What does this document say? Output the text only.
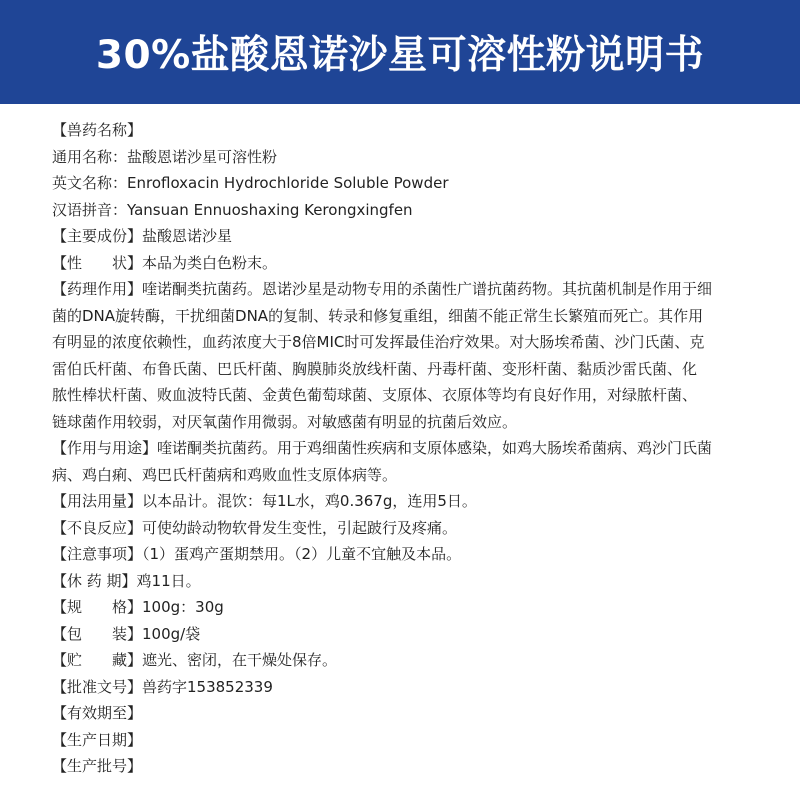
30%盐酸恩诺沙星可溶性粉说明书
【兽药名称】
通用名称：盐酸恩诺沙星可溶性粉
英文名称：Enrofloxacin Hydrochloride Soluble Powder
汉语拼音：Yansuan Ennuoshaxing Kerongxingfen
【主要成份】盐酸恩诺沙星
【性　　状】本品为类白色粉末。
【药理作用】喹诺酮类抗菌药。恩诺沙星是动物专用的杀菌性广谱抗菌药物。其抗菌机制是作用于细
菌的DNA旋转酶，干扰细菌DNA的复制、转录和修复重组，细菌不能正常生长繁殖而死亡。其作用
有明显的浓度依赖性，血药浓度大于8倍MIC时可发挥最佳治疗效果。对大肠埃希菌、沙门氏菌、克
雷伯氏杆菌、布鲁氏菌、巴氏杆菌、胸膜肺炎放线杆菌、丹毒杆菌、变形杆菌、黏质沙雷氏菌、化
脓性棒状杆菌、败血波特氏菌、金黄色葡萄球菌、支原体、衣原体等均有良好作用，对绿脓杆菌、
链球菌作用较弱，对厌氧菌作用微弱。对敏感菌有明显的抗菌后效应。
【作用与用途】喹诺酮类抗菌药。用于鸡细菌性疾病和支原体感染，如鸡大肠埃希菌病、鸡沙门氏菌
病、鸡白痢、鸡巴氏杆菌病和鸡败血性支原体病等。
【用法用量】以本品计。混饮：每1L水，鸡0.367g，连用5日。
【不良反应】可使幼龄动物软骨发生变性，引起跛行及疼痛。
【注意事项】（1）蛋鸡产蛋期禁用。（2）儿童不宜触及本品。
【休 药 期】鸡11日。
【规　　格】100g：30g
【包　　装】100g/袋
【贮　　藏】遮光、密闭，在干燥处保存。
【批准文号】兽药字153852339
【有效期至】
【生产日期】
【生产批号】
